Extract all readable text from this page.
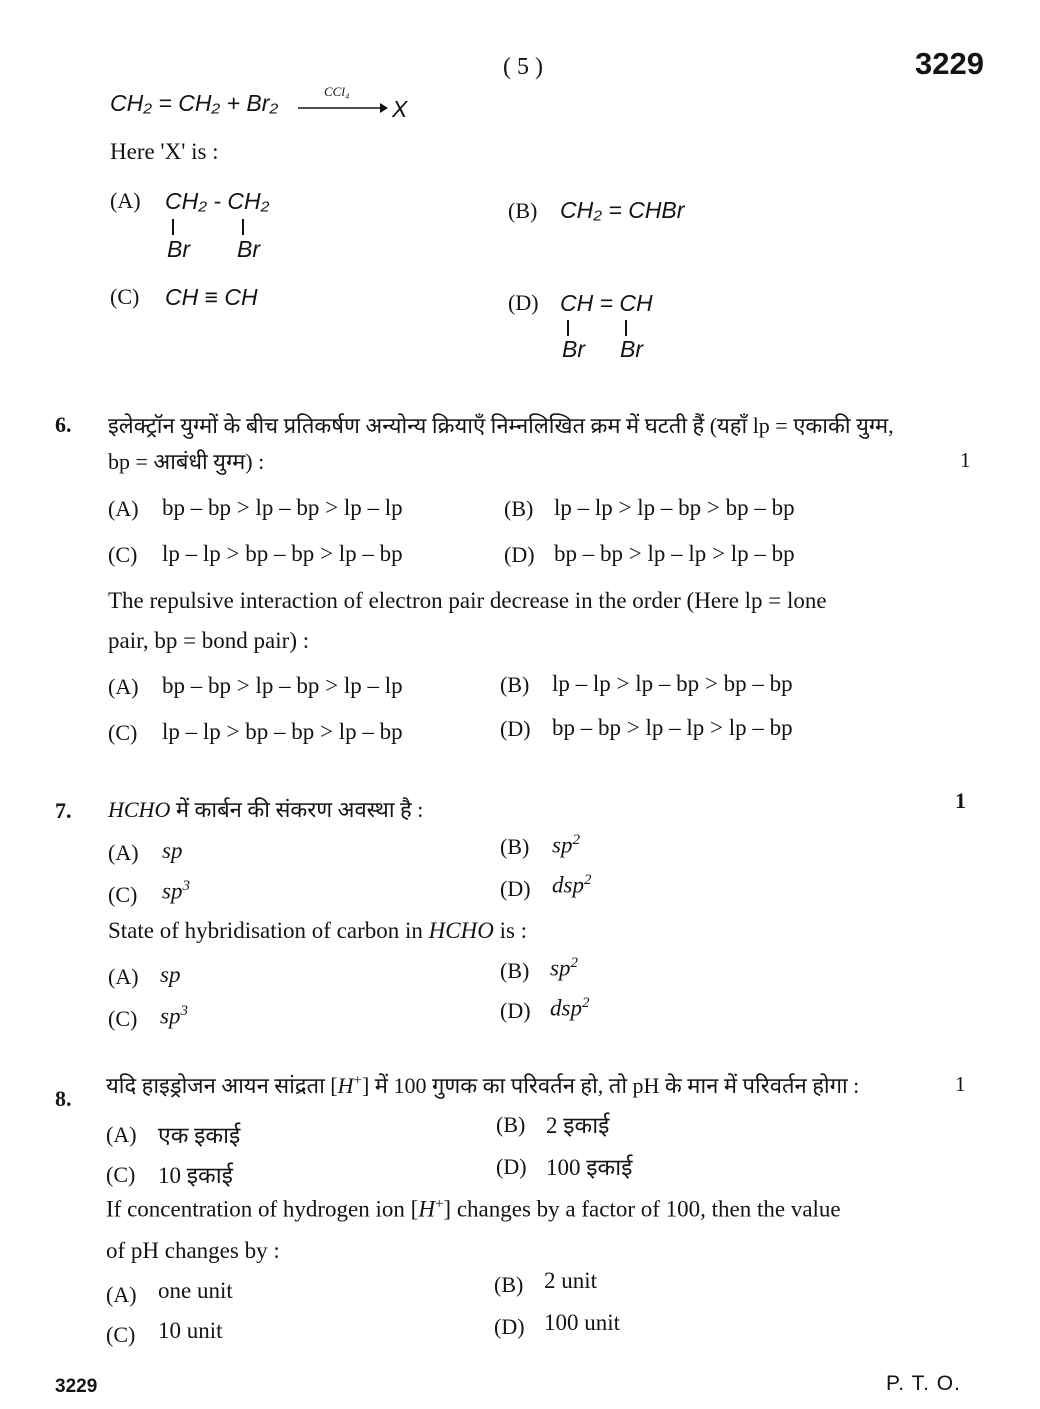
( 5 )	3229
CH₂ = CH₂ + Br₂	CCl₄
X
Here 'X' is :
(A) CH₂ - CH₂
Br Br
(B) CH₂ = CHBr
(C) CH ≡ CH	(D) CH = CH
Br Br
6. इलेक्ट्रॉन युग्मों के बीच प्रतिकर्षण अन्योन्य क्रियाएँ निम्नलिखित क्रम में घटती हैं (यहाँ lp = एकाकी युग्म,
bp = आबंधी युग्म) :	1
(A) bp – bp > lp – bp > lp – lp	(B) lp – lp > lp – bp > bp – bp
(C) lp – lp > bp – bp > lp – bp	(D) bp – bp > lp – lp > lp – bp
The repulsive interaction of electron pair decrease in the order (Here lp = lone
pair, bp = bond pair) :
(A) bp – bp > lp – bp > lp – lp	(B) lp – lp > lp – bp > bp – bp
(C) lp – lp > bp – bp > lp – bp	(D) bp – bp > lp – lp > lp – bp
7. HCHO में कार्बन की संकरण अवस्था है :	1
(A) sp	(B) $sp^2$
(C) $sp^3$	(D) dsp$^2$
State of hybridisation of carbon in HCHO is :
(A) sp	(B) $sp^2$
(C) $sp^3$	(D) dsp$^2$
8.
यदि हाइड्रोजन आयन सांद्रता [H+] में 100 गुणक का परिवर्तन हो, तो pH के मान में परिवर्तन होगा :	1
(A) एक इकाई	(B) 2 इकाई
(C) 10 इकाई	(D) 100 इकाई
If concentration of hydrogen ion [H+] changes by a factor of 100, then the value
of pH changes by :
(A) one unit	(B) 2 unit
(C) 10 unit	(D) 100 unit
3229	P. T. O.
